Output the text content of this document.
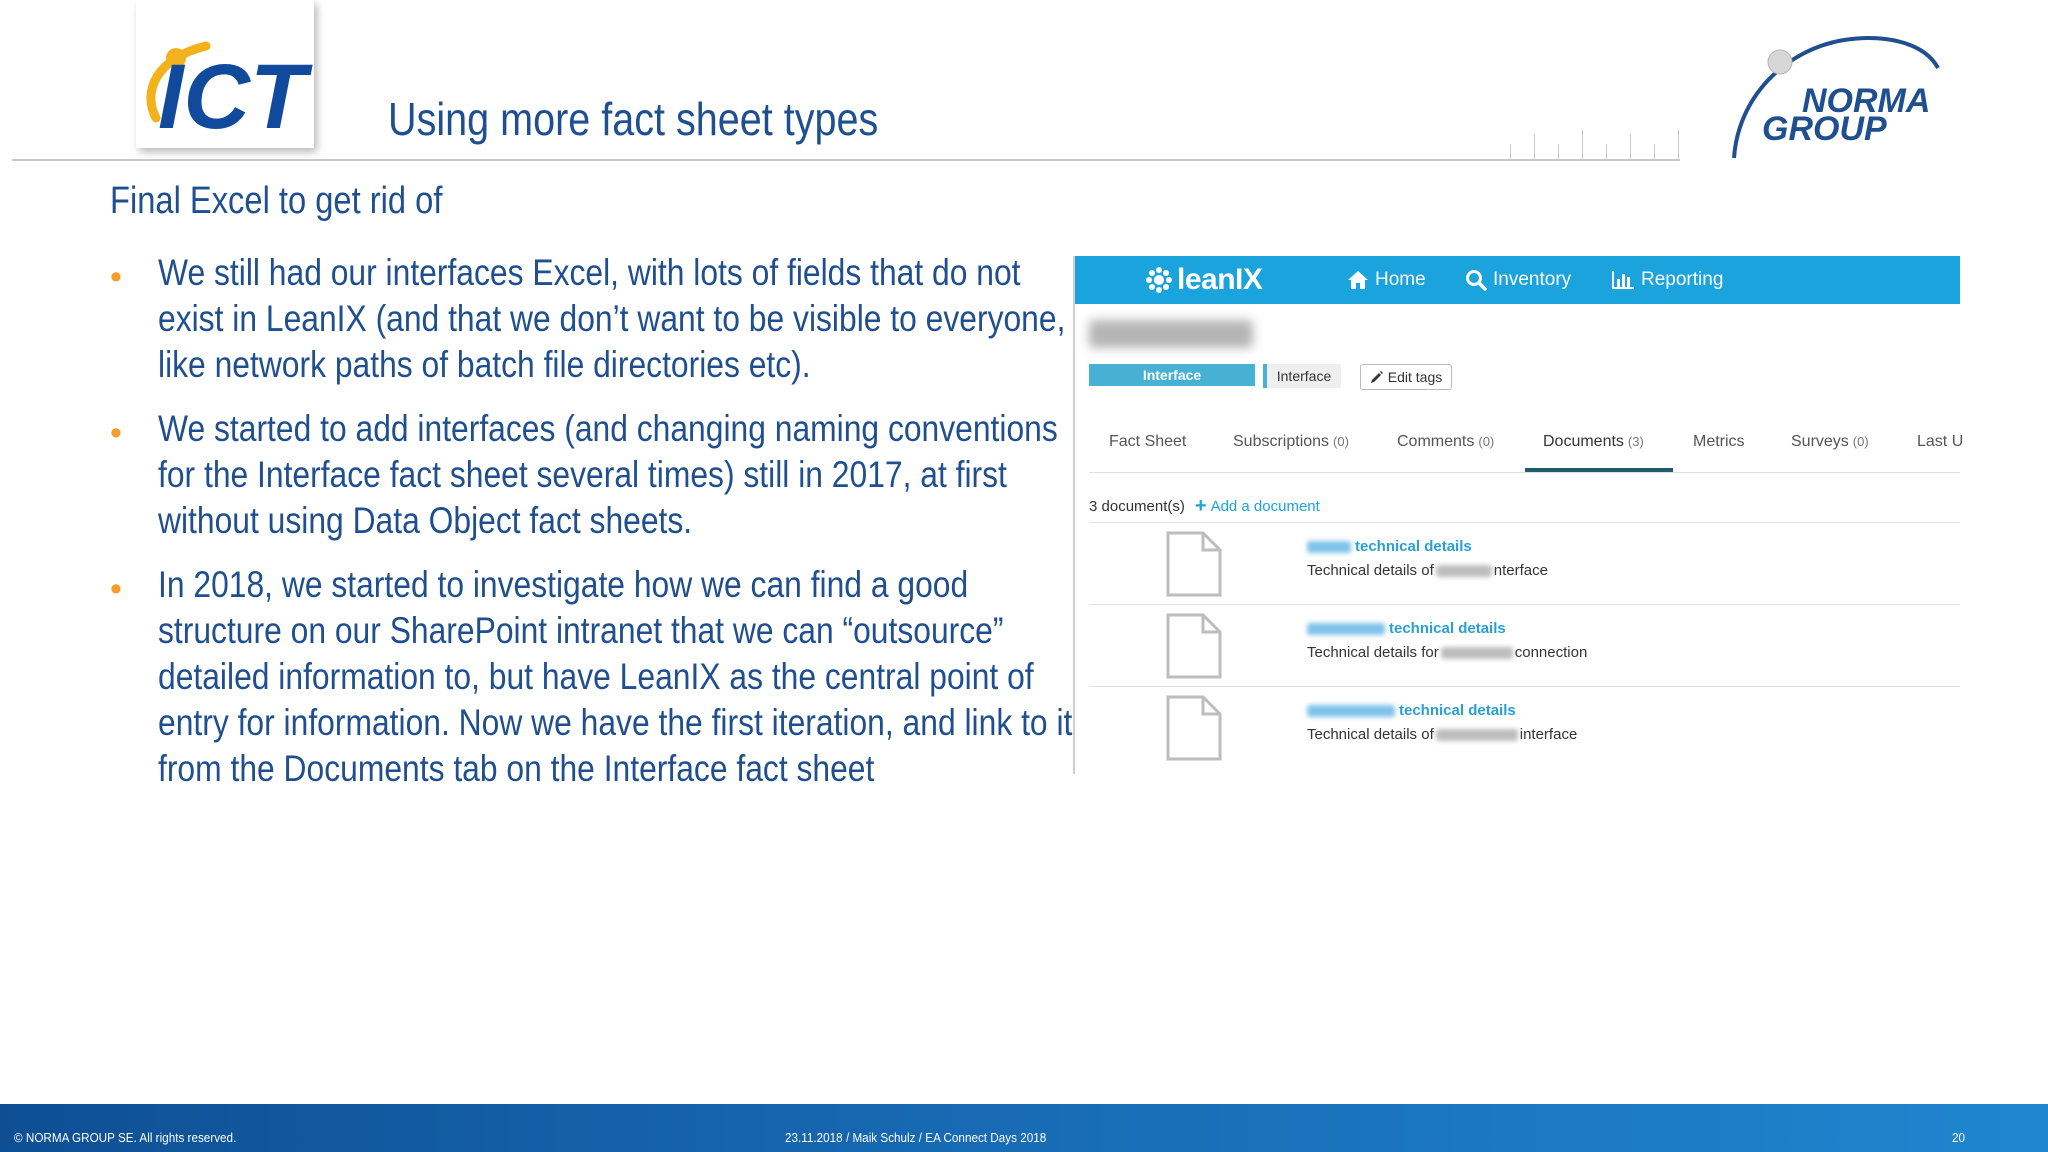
ICT Using more fact sheet types	NORMA
GROUP
Final Excel to get rid of
• We still had our interfaces Excel, with lots of fields that do not exist in LeanIX (and that we don’t want to be visible to everyone, like network paths of batch file directories etc).
• We started to add interfaces (and changing naming conventions for the Interface fact sheet several times) still in 2017, at first without using Data Object fact sheets.
• In 2018, we started to investigate how we can find a good structure on our SharePoint intranet that we can “outsource” detailed information to, but have LeanIX as the central point of entry for information. Now we have the first iteration, and link to it from the Documents tab on the Interface fact sheet
leanIX	Home	Inventory	Reporting
Interface	Interface	Edit tags
Fact Sheet	Subscriptions (0)	Comments (0)	Documents (3)	Metrics	Surveys (0)	Last U
3 document(s) + Add a document
technical details
Technical details of	nterface
technical details
Technical details for	connection
technical details
Technical details of	interface
© NORMA GROUP SE. All rights reserved.	23.11.2018 / Maik Schulz / EA Connect Days 2018	20
